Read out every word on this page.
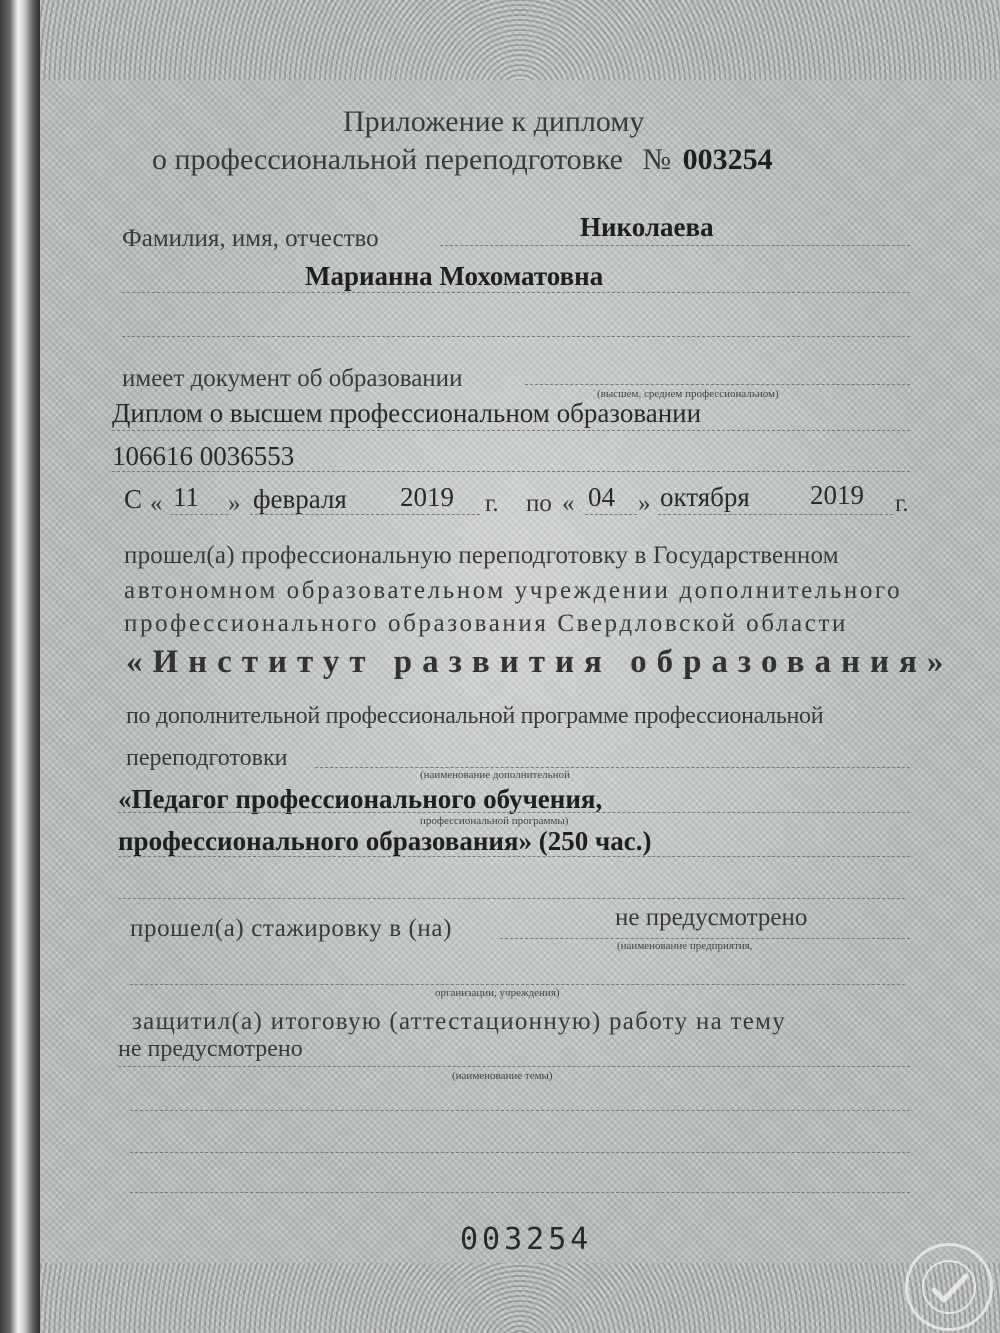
Приложение к диплому
о профессиональной переподготовке № 003254
Фамилия, имя, отчество	Николаева
Марианна Мохоматовна
имеет документ об образовании
(высшем, среднем профессиональном)
Диплом о высшем профессиональном образовании
106616 0036553
С « 11 » февраля 2019 г. по « 04 » октября 2019 г.
прошел(а) профессиональную переподготовку в Государственном
автономном образовательном учреждении дополнительного
профессионального образования Свердловской области
«Институт развития образования»
по дополнительной профессиональной программе профессиональной
переподготовки
(наименование дополнительной
«Педагог профессионального обучения,
профессиональной программы)
профессионального образования» (250 час.)
прошел(а) стажировку в (на)	не предусмотрено
(наименование предприятия,
организации, учреждения)
защитил(а) итоговую (аттестационную) работу на тему
не предусмотрено
(наименование темы)
003254
